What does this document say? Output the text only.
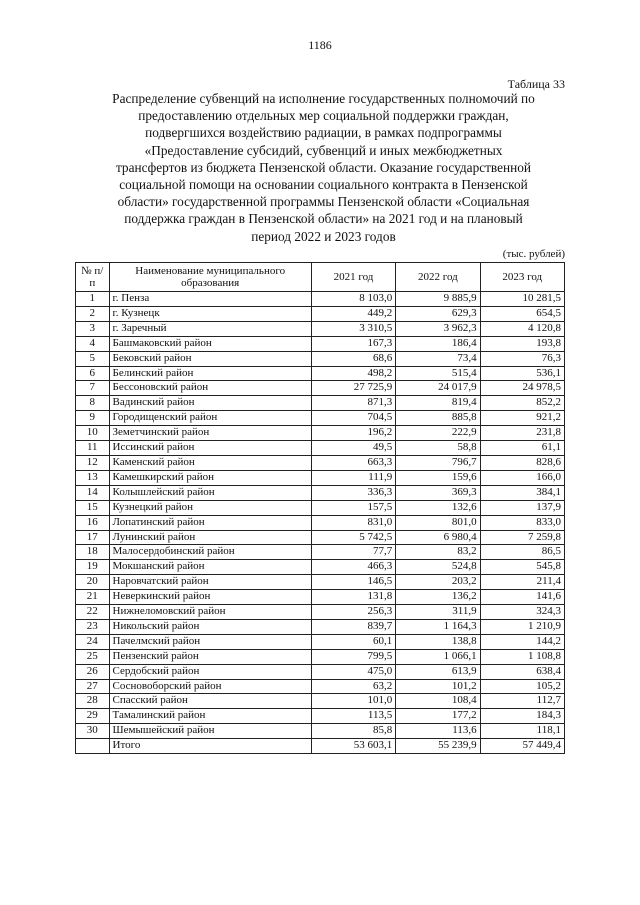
1186
Таблица 33
Распределение субвенций на исполнение государственных полномочий по
предоставлению отдельных мер социальной поддержки граждан,
подвергшихся воздействию радиации, в рамках подпрограммы
«Предоставление субсидий, субвенций и иных межбюджетных
трансфертов из бюджета Пензенской области. Оказание государственной
социальной помощи на основании социального контракта в Пензенской
области» государственной программы Пензенской области «Социальная
поддержка граждан в Пензенской области» на 2021 год и на плановый
период 2022 и 2023 годов
(тыс. рублей)
№ п/п	Наименование муниципального образования	2021 год	2022 год	2023 год
1	г. Пенза	8 103,0	9 885,9	10 281,5
2	г. Кузнецк	449,2	629,3	654,5
3	г. Заречный	3 310,5	3 962,3	4 120,8
4	Башмаковский район	167,3	186,4	193,8
5	Бековский район	68,6	73,4	76,3
6	Белинский район	498,2	515,4	536,1
7	Бессоновский район	27 725,9	24 017,9	24 978,5
8	Вадинский район	871,3	819,4	852,2
9	Городищенский район	704,5	885,8	921,2
10	Земетчинский район	196,2	222,9	231,8
11	Иссинский район	49,5	58,8	61,1
12	Каменский район	663,3	796,7	828,6
13	Камешкирский район	111,9	159,6	166,0
14	Колышлейский район	336,3	369,3	384,1
15	Кузнецкий район	157,5	132,6	137,9
16	Лопатинский район	831,0	801,0	833,0
17	Лунинский район	5 742,5	6 980,4	7 259,8
18	Малосердобинский район	77,7	83,2	86,5
19	Мокшанский район	466,3	524,8	545,8
20	Наровчатский район	146,5	203,2	211,4
21	Неверкинский район	131,8	136,2	141,6
22	Нижнеломовский район	256,3	311,9	324,3
23	Никольский район	839,7	1 164,3	1 210,9
24	Пачелмский район	60,1	138,8	144,2
25	Пензенский район	799,5	1 066,1	1 108,8
26	Сердобский район	475,0	613,9	638,4
27	Сосновоборский район	63,2	101,2	105,2
28	Спасский район	101,0	108,4	112,7
29	Тамалинский район	113,5	177,2	184,3
30	Шемышейский район	85,8	113,6	118,1
	Итого	53 603,1	55 239,9	57 449,4
